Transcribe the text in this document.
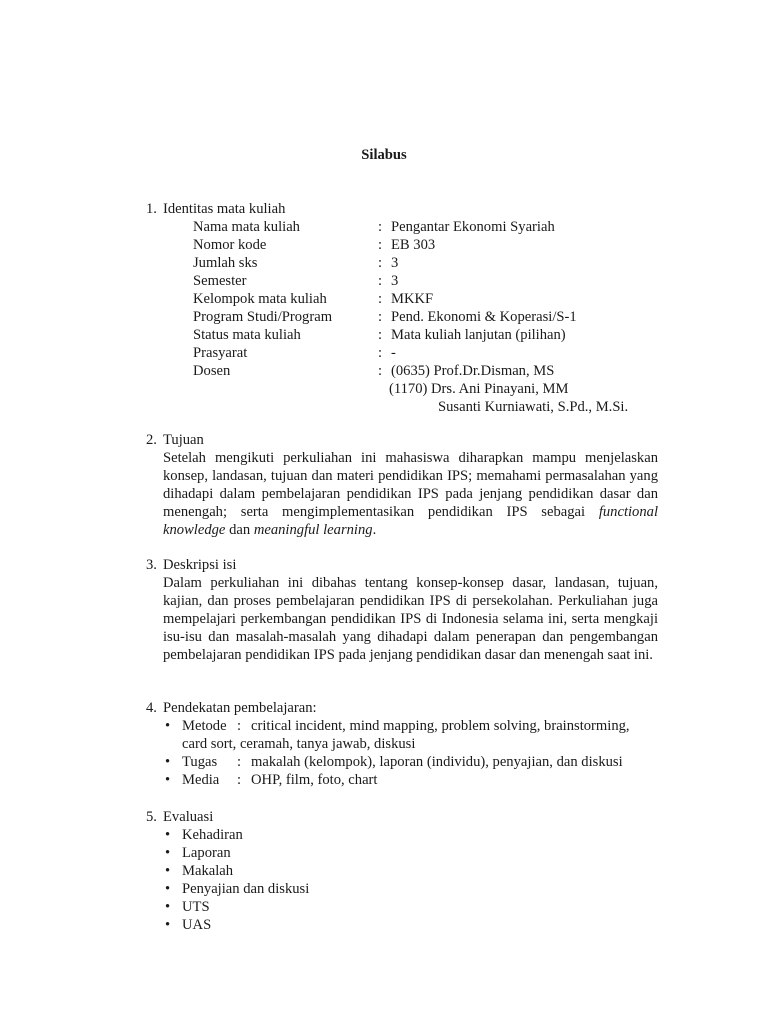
Silabus
1. Identitas mata kuliah
Nama mata kuliah	: Pengantar Ekonomi Syariah
Nomor kode	: EB 303
Jumlah sks	: 3
Semester	: 3
Kelompok mata kuliah	: MKKF
Program Studi/Program	: Pend. Ekonomi & Koperasi/S-1
Status mata kuliah	: Mata kuliah lanjutan (pilihan)
Prasyarat	: -
Dosen	: (0635) Prof.Dr.Disman, MS
(1170) Drs. Ani Pinayani, MM
Susanti Kurniawati, S.Pd., M.Si.
2. Tujuan
Setelah mengikuti perkuliahan ini mahasiswa diharapkan mampu menjelaskan konsep, landasan, tujuan dan materi pendidikan IPS; memahami permasalahan yang dihadapi dalam pembelajaran pendidikan IPS pada jenjang pendidikan dasar dan menengah; serta mengimplementasikan pendidikan IPS sebagai functional knowledge dan meaningful learning.
3. Deskripsi isi
Dalam perkuliahan ini dibahas tentang konsep-konsep dasar, landasan, tujuan, kajian, dan proses pembelajaran pendidikan IPS di persekolahan. Perkuliahan juga mempelajari perkembangan pendidikan IPS di Indonesia selama ini, serta mengkaji isu-isu dan masalah-masalah yang dihadapi dalam penerapan dan pengembangan pembelajaran pendidikan IPS pada jenjang pendidikan dasar dan menengah saat ini.
4. Pendekatan pembelajaran:
• Metode : critical incident, mind mapping, problem solving, brainstorming,
card sort, ceramah, tanya jawab, diskusi
• Tugas : makalah (kelompok), laporan (individu), penyajian, dan diskusi
• Media : OHP, film, foto, chart
5. Evaluasi
• Kehadiran
• Laporan
• Makalah
• Penyajian dan diskusi
• UTS
• UAS
